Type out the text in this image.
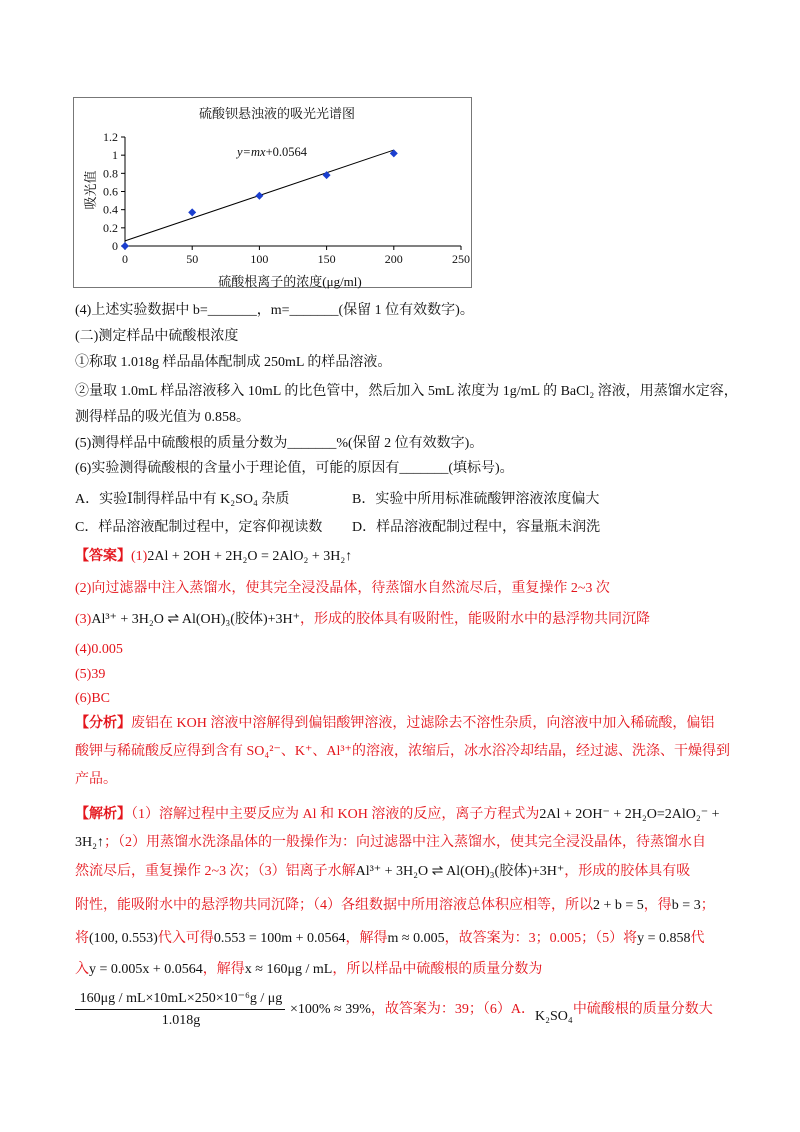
硫酸钡悬浊液的吸光光谱图
吸光值
硫酸根离子的浓度(μg/ml)
0	50	100	150	200	250
0
0.2
0.4
0.6
0.8
1
1.2
y=mx+0.0564
(4)上述实验数据中 b=_______，m=_______(保留 1 位有效数字)。
(二)测定样品中硫酸根浓度
①称取 1.018g 样品晶体配制成 250mL 的样品溶液。
②量取 1.0mL 样品溶液移入 10mL 的比色管中，然后加入 5mL 浓度为 1g/mL 的 BaCl₂ 溶液，用蒸馏水定容，
测得样品的吸光值为 0.858。
(5)测得样品中硫酸根的质量分数为_______%(保留 2 位有效数字)。
(6)实验测得硫酸根的含量小于理论值，可能的原因有_______(填标号)。
A．实验Ⅰ制得样品中有 K₂SO₄ 杂质	B．实验中所用标准硫酸钾溶液浓度偏大
C．样品溶液配制过程中，定容仰视读数 D．样品溶液配制过程中，容量瓶未润洗
【答案】(1)2Al + 2OH + 2H₂O = 2AlO₂ + 3H₂↑
(2)向过滤器中注入蒸馏水，使其完全浸没晶体，待蒸馏水自然流尽后，重复操作 2~3 次
(3)Al³⁺ + 3H₂O ⇌ Al(OH)₃(胶体)+3H⁺，形成的胶体具有吸附性，能吸附水中的悬浮物共同沉降
(4)0.005
(5)39
(6)BC
【分析】废铝在 KOH 溶液中溶解得到偏铝酸钾溶液，过滤除去不溶性杂质，向溶液中加入稀硫酸，偏铝
酸钾与稀硫酸反应得到含有 SO₄²⁻、K⁺、Al³⁺的溶液，浓缩后，冰水浴冷却结晶，经过滤、洗涤、干燥得到
产品。
【解析】（1）溶解过程中主要反应为 Al 和 KOH 溶液的反应，离子方程式为2Al + 2OH⁻ + 2H₂O=2AlO₂⁻ +
3H₂↑；（2）用蒸馏水洗涤晶体的一般操作为：向过滤器中注入蒸馏水，使其完全浸没晶体，待蒸馏水自
然流尽后，重复操作 2~3 次；（3）铝离子水解Al³⁺ + 3H₂O ⇌ Al(OH)₃(胶体)+3H⁺，形成的胶体具有吸
附性，能吸附水中的悬浮物共同沉降；（4）各组数据中所用溶液总体积应相等，所以2 + b = 5，得b = 3；
将(100, 0.553)代入可得0.553 = 100m + 0.0564，解得m ≈ 0.005，故答案为：3；0.005；（5）将y = 0.858代
入y = 0.005x + 0.0564，解得x ≈ 160μg / mL，所以样品中硫酸根的质量分数为
160μg / mL×10mL×250×10⁻⁶g / μg
1.018g
×100% ≈ 39%，故答案为：39；（6）A．K₂SO₄中硫酸根的质量分数大
